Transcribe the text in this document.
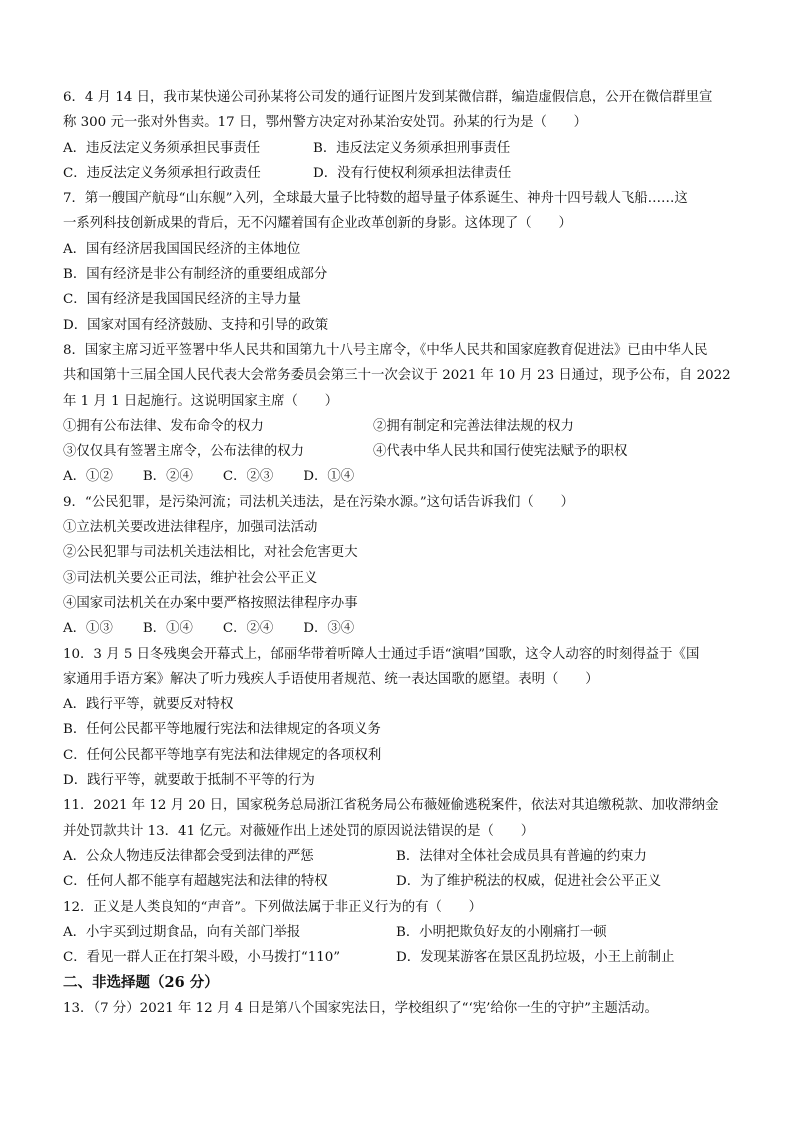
6．4 月 14 日，我市某快递公司孙某将公司发的通行证图片发到某微信群，编造虚假信息，公开在微信群里宣
称 300 元一张对外售卖。17 日，鄂州警方决定对孙某治安处罚。孙某的行为是（　　）
A．违反法定义务须承担民事责任	B．违反法定义务须承担刑事责任
C．违反法定义务须承担行政责任	D．没有行使权利须承担法律责任
7．第一艘国产航母“山东舰”入列，全球最大量子比特数的超导量子体系诞生、神舟十四号载人飞船……这
一系列科技创新成果的背后，无不闪耀着国有企业改革创新的身影。这体现了（　　）
A．国有经济居我国国民经济的主体地位
B．国有经济是非公有制经济的重要组成部分
C．国有经济是我国国民经济的主导力量
D．国家对国有经济鼓励、支持和引导的政策
8．国家主席习近平签署中华人民共和国第九十八号主席令，《中华人民共和国家庭教育促进法》已由中华人民
共和国第十三届全国人民代表大会常务委员会第三十一次会议于 2021 年 10 月 23 日通过，现予公布，自 2022
年 1 月 1 日起施行。这说明国家主席（　　）
①拥有公布法律、发布命令的权力	②拥有制定和完善法律法规的权力
③仅仅具有签署主席令，公布法律的权力	④代表中华人民共和国行使宪法赋予的职权
A．①② B．②④ C．②③ D．①④
9．“公民犯罪，是污染河流；司法机关违法，是在污染水源。”这句话告诉我们（　　）
①立法机关要改进法律程序，加强司法活动
②公民犯罪与司法机关违法相比，对社会危害更大
③司法机关要公正司法，维护社会公平正义
④国家司法机关在办案中要严格按照法律程序办事
A．①③ B．①④ C．②④ D．③④
10．3 月 5 日冬残奥会开幕式上，邰丽华带着听障人士通过手语“演唱”国歌，这令人动容的时刻得益于《国
家通用手语方案》解决了听力残疾人手语使用者规范、统一表达国歌的愿望。表明（　　）
A．践行平等，就要反对特权
B．任何公民都平等地履行宪法和法律规定的各项义务
C．任何公民都平等地享有宪法和法律规定的各项权利
D．践行平等，就要敢于抵制不平等的行为
11．2021 年 12 月 20 日，国家税务总局浙江省税务局公布薇娅偷逃税案件，依法对其追缴税款、加收滞纳金
并处罚款共计 13．41 亿元。对薇娅作出上述处罚的原因说法错误的是（　　）
A．公众人物违反法律都会受到法律的严惩	B．法律对全体社会成员具有普遍的约束力
C．任何人都不能享有超越宪法和法律的特权	D．为了维护税法的权威，促进社会公平正义
12．正义是人类良知的“声音”。下列做法属于非正义行为的有（　　）
A．小宇买到过期食品，向有关部门举报	B．小明把欺负好友的小刚痛打一顿
C．看见一群人正在打架斗殴，小马拨打“110”	D．发现某游客在景区乱扔垃圾，小王上前制止
二、非选择题（26 分）
13．（7 分）2021 年 12 月 4 日是第八个国家宪法日，学校组织了“‘宪’给你一生的守护”主题活动。
